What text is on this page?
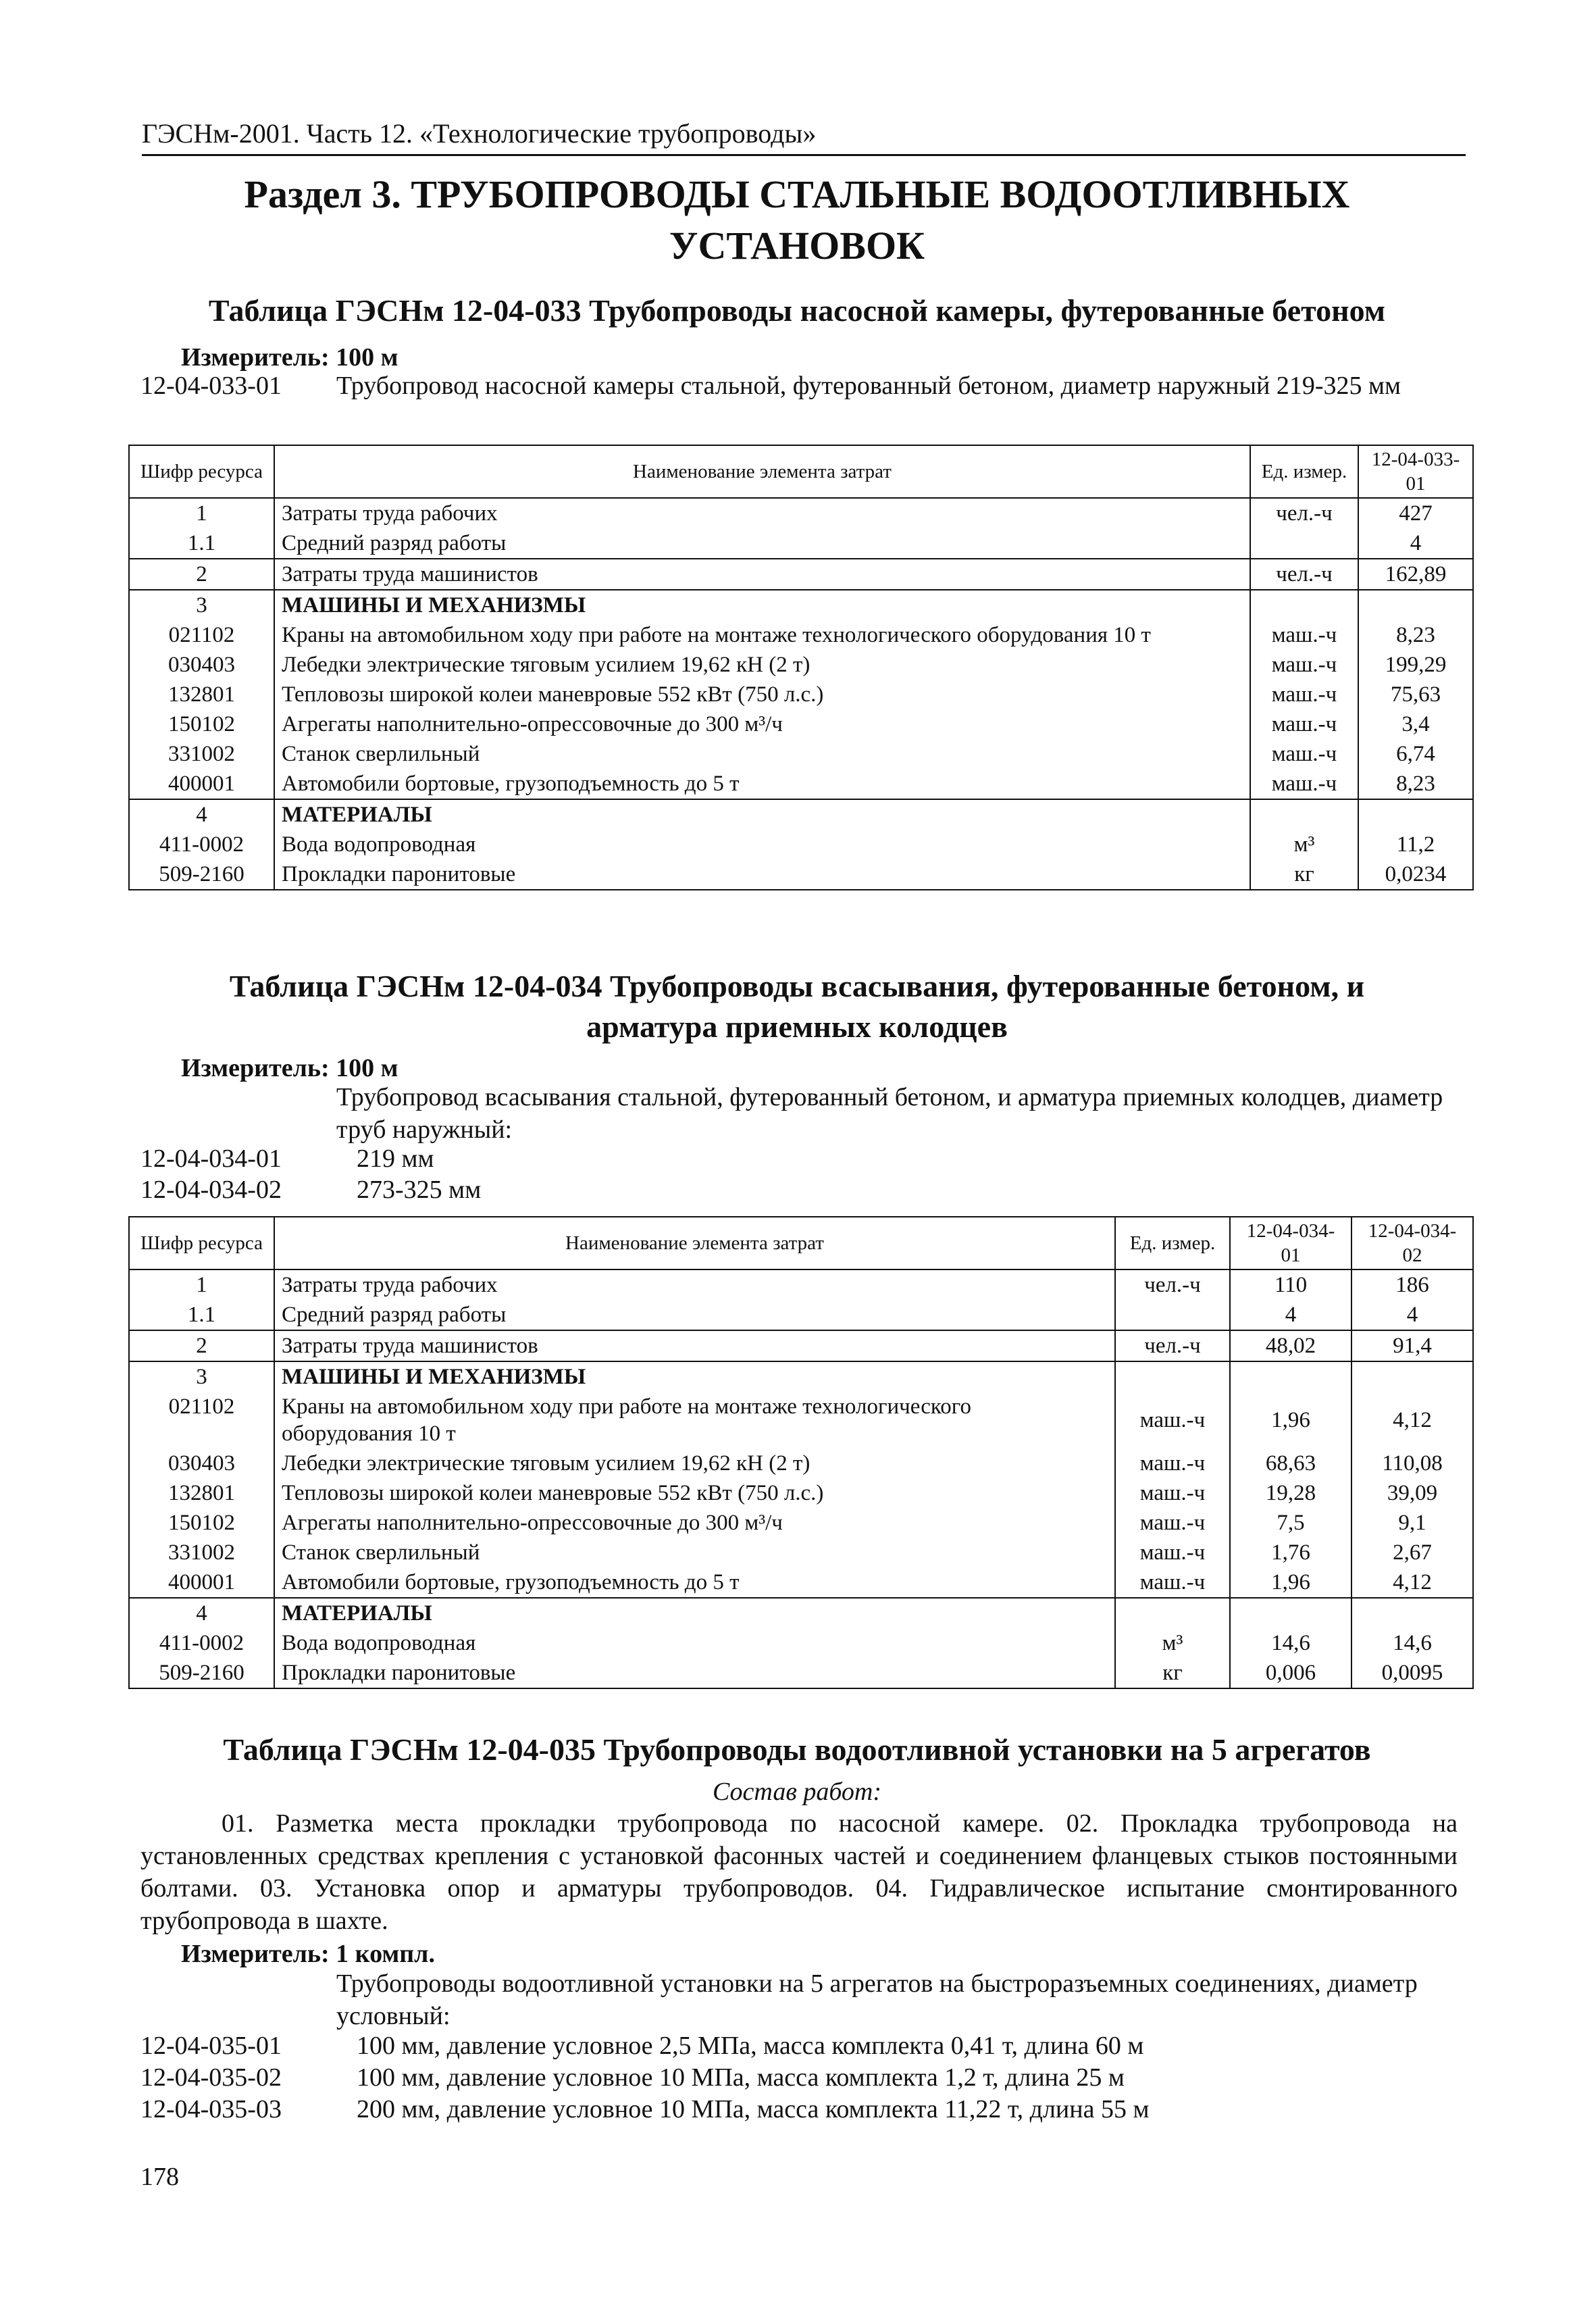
ГЭСНм-2001. Часть 12. «Технологические трубопроводы»
Раздел 3. ТРУБОПРОВОДЫ СТАЛЬНЫЕ ВОДООТЛИВНЫХ
УСТАНОВОК
Таблица ГЭСНм 12-04-033 Трубопроводы насосной камеры, футерованные бетоном
Измеритель: 100 м
12-04-033-01	Трубопровод насосной камеры стальной, футерованный бетоном, диаметр наружный 219-325 мм
Шифр ресурса	Наименование элемента затрат	Ед. измер.	12-04-033-01
1	Затраты труда рабочих	чел.-ч	427
1.1	Средний разряд работы		4
2	Затраты труда машинистов	чел.-ч	162,89
3	МАШИНЫ И МЕХАНИЗМЫ		
021102	Краны на автомобильном ходу при работе на монтаже технологического оборудования 10 т	маш.-ч	8,23
030403	Лебедки электрические тяговым усилием 19,62 кН (2 т)	маш.-ч	199,29
132801	Тепловозы широкой колеи маневровые 552 кВт (750 л.с.)	маш.-ч	75,63
150102	Агрегаты наполнительно-опрессовочные до 300 м³/ч	маш.-ч	3,4
331002	Станок сверлильный	маш.-ч	6,74
400001	Автомобили бортовые, грузоподъемность до 5 т	маш.-ч	8,23
4	МАТЕРИАЛЫ		
411-0002	Вода водопроводная	м³	11,2
509-2160	Прокладки паронитовые	кг	0,0234
Таблица ГЭСНм 12-04-034 Трубопроводы всасывания, футерованные бетоном, и
арматура приемных колодцев
Измеритель: 100 м
Трубопровод всасывания стальной, футерованный бетоном, и арматура приемных колодцев, диаметр труб наружный:
12-04-034-01	219 мм
12-04-034-02	273-325 мм
Шифр ресурса	Наименование элемента затрат	Ед. измер.	12-04-034-01	12-04-034-02
1	Затраты труда рабочих	чел.-ч	110	186
1.1	Средний разряд работы		4	4
2	Затраты труда машинистов	чел.-ч	48,02	91,4
3	МАШИНЫ И МЕХАНИЗМЫ			
021102	Краны на автомобильном ходу при работе на монтаже технологического оборудования 10 т	маш.-ч	1,96	4,12
030403	Лебедки электрические тяговым усилием 19,62 кН (2 т)	маш.-ч	68,63	110,08
132801	Тепловозы широкой колеи маневровые 552 кВт (750 л.с.)	маш.-ч	19,28	39,09
150102	Агрегаты наполнительно-опрессовочные до 300 м³/ч	маш.-ч	7,5	9,1
331002	Станок сверлильный	маш.-ч	1,76	2,67
400001	Автомобили бортовые, грузоподъемность до 5 т	маш.-ч	1,96	4,12
4	МАТЕРИАЛЫ			
411-0002	Вода водопроводная	м³	14,6	14,6
509-2160	Прокладки паронитовые	кг	0,006	0,0095
Таблица ГЭСНм 12-04-035 Трубопроводы водоотливной установки на 5 агрегатов
Состав работ:
01. Разметка места прокладки трубопровода по насосной камере. 02. Прокладка трубопровода на установленных средствах крепления с установкой фасонных частей и соединением фланцевых стыков постоянными болтами. 03. Установка опор и арматуры трубопроводов. 04. Гидравлическое испытание смонтированного трубопровода в шахте.
Измеритель: 1 компл.
Трубопроводы водоотливной установки на 5 агрегатов на быстроразъемных соединениях, диаметр условный:
12-04-035-01	100 мм, давление условное 2,5 МПа, масса комплекта 0,41 т, длина 60 м
12-04-035-02	100 мм, давление условное 10 МПа, масса комплекта 1,2 т, длина 25 м
12-04-035-03	200 мм, давление условное 10 МПа, масса комплекта 11,22 т, длина 55 м
178
